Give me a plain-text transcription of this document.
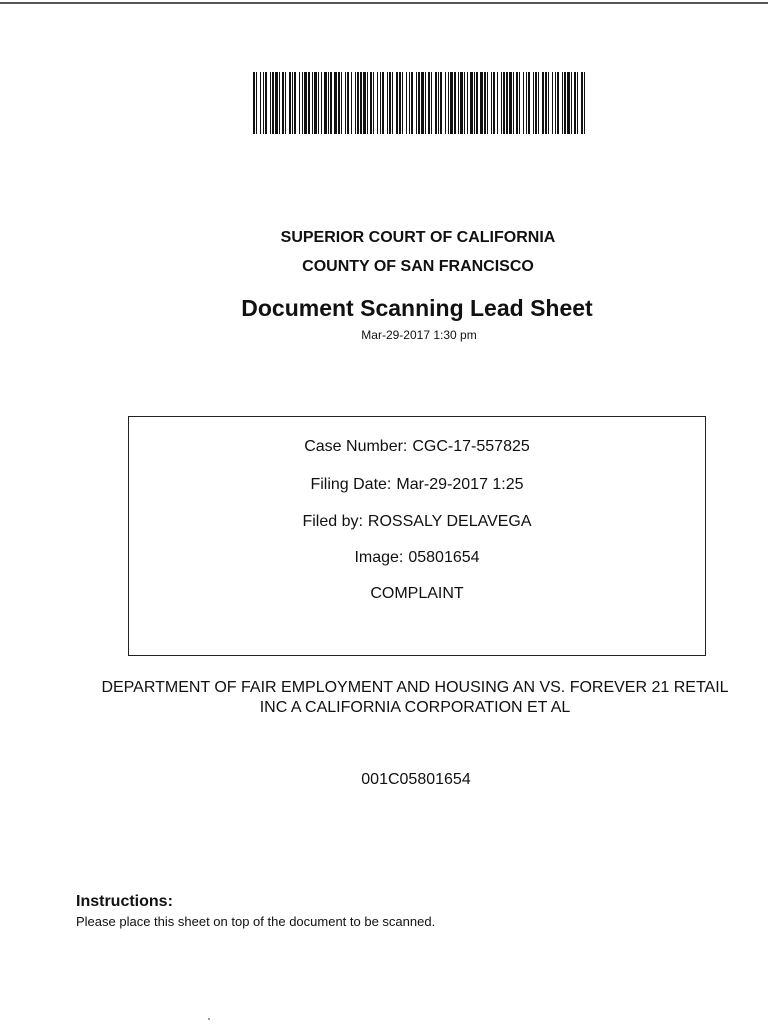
SUPERIOR COURT OF CALIFORNIA
COUNTY OF SAN FRANCISCO
Document Scanning Lead Sheet
Mar-29-2017 1:30 pm
Case Number: CGC-17-557825
Filing Date: Mar-29-2017 1:25
Filed by: ROSSALY DELAVEGA
Image: 05801654
COMPLAINT
DEPARTMENT OF FAIR EMPLOYMENT AND HOUSING AN VS. FOREVER 21 RETAIL INC A CALIFORNIA CORPORATION ET AL
001C05801654
Instructions:
Please place this sheet on top of the document to be scanned.
